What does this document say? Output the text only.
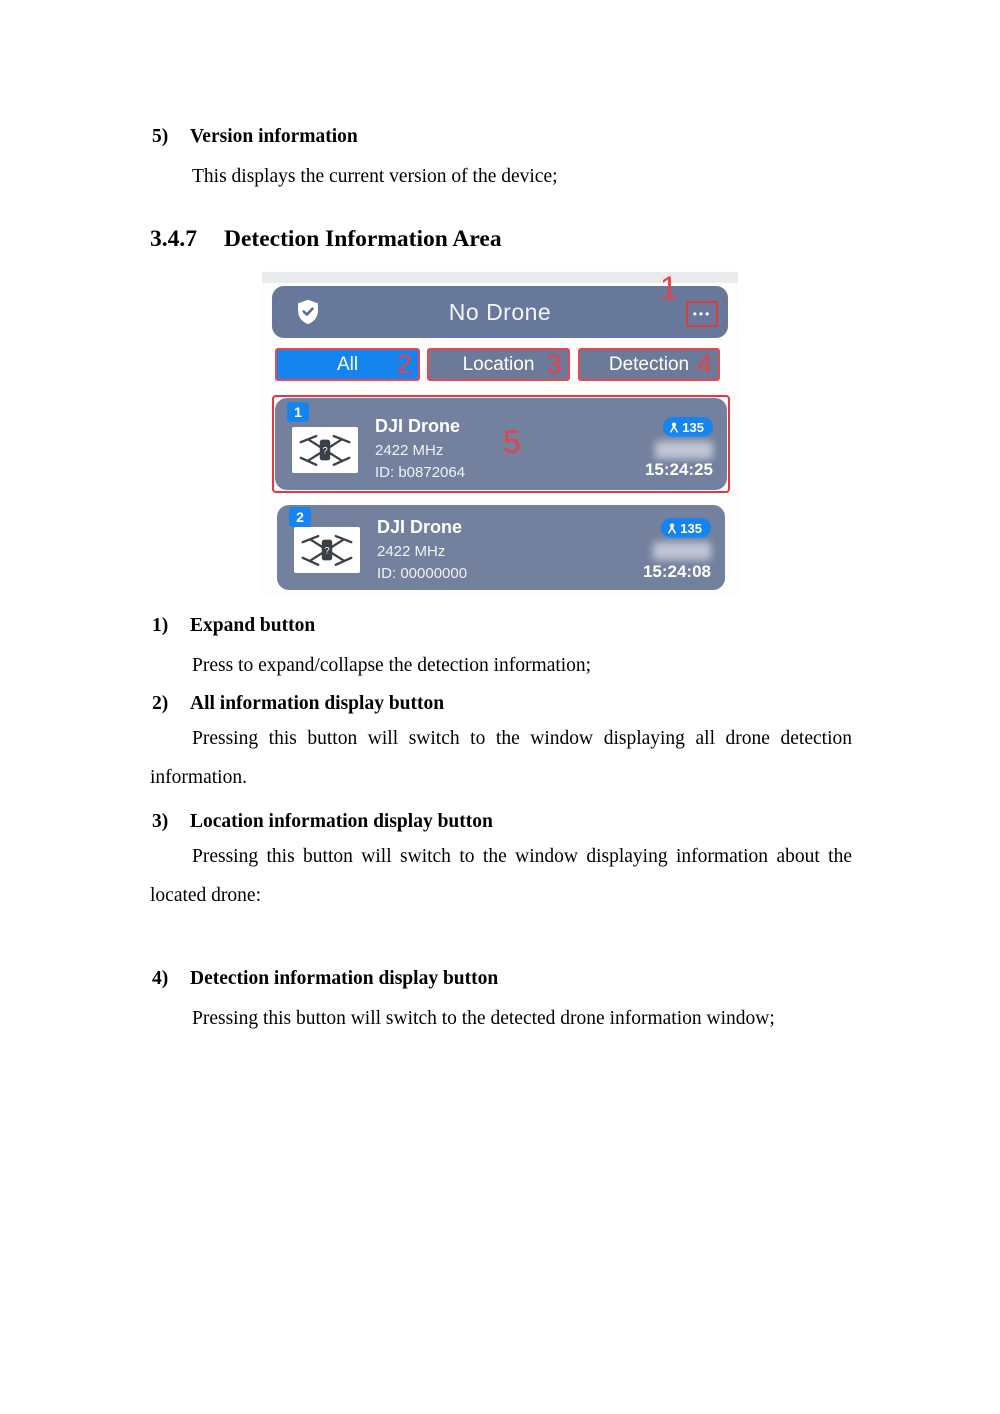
5) Version information
This displays the current version of the device;
3.4.7 Detection Information Area
No Drone	•••
1
All 2	Location 3 Detection 4
1
?
DJI Drone
2422 MHz
ID: b0872064
5	135
15:24:25
2
?
DJI Drone
2422 MHz
ID: 00000000
135
15:24:08
1) Expand button
Press to expand/collapse the detection information;
2) All information display button
Pressing this button will switch to the window displaying all drone detection information.
3) Location information display button
Pressing this button will switch to the window displaying information about the located drone:
4) Detection information display button
Pressing this button will switch to the detected drone information window;
